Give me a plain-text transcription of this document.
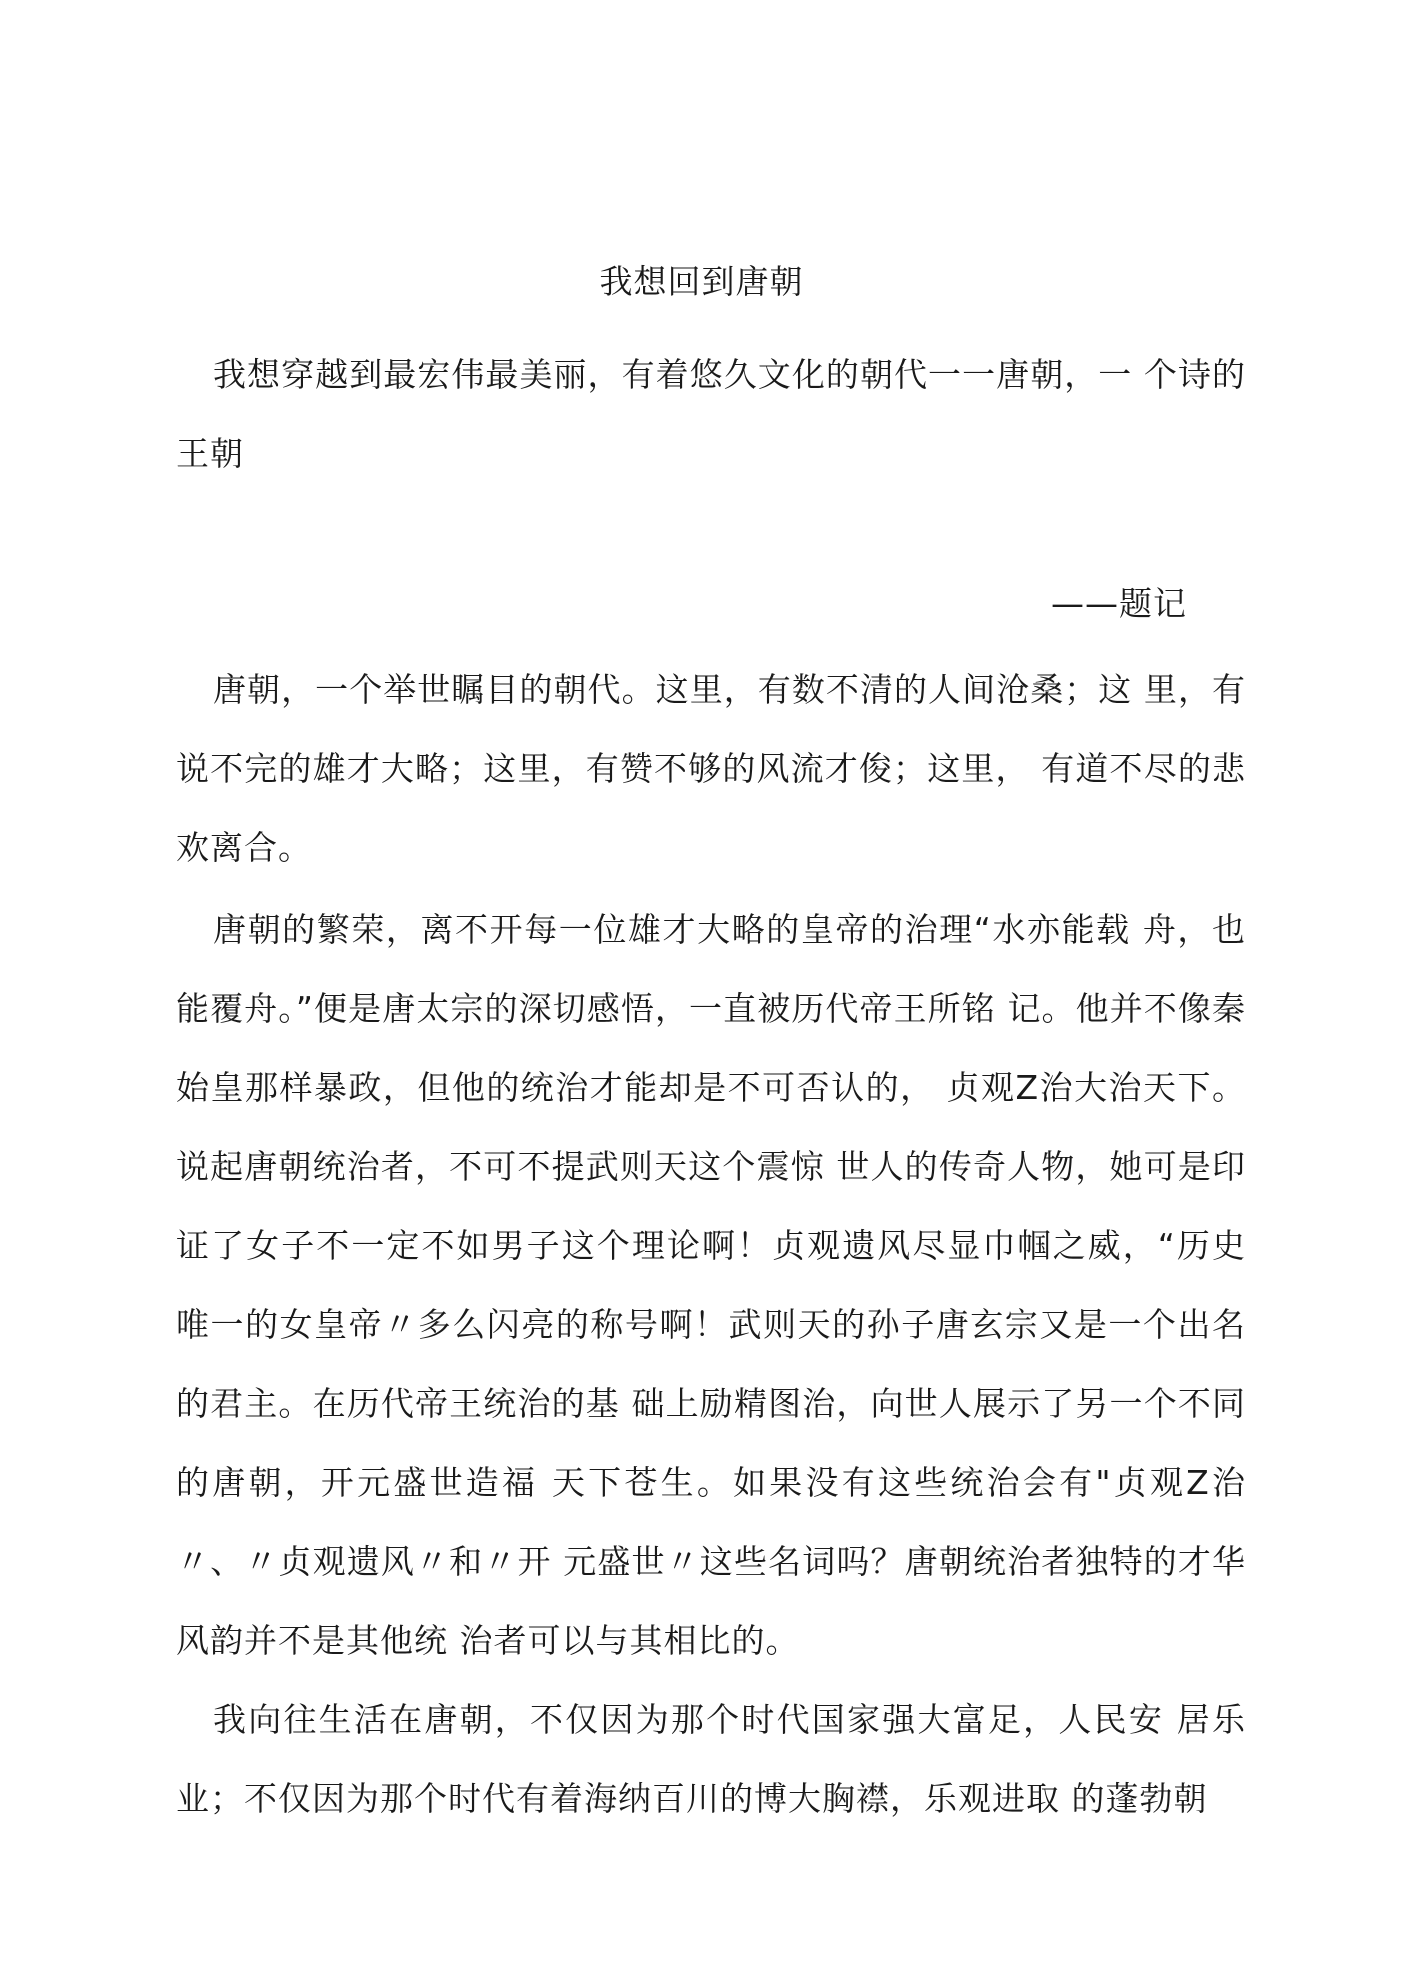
我想回到唐朝

我想穿越到最宏伟最美丽，有着悠久文化的朝代一一唐朝，一 个诗的王朝

——题记

唐朝，一个举世瞩目的朝代。这里，有数不清的人间沧桑；这 里，有说不完的雄才大略；这里，有赞不够的风流才俊；这里， 有道不尽的悲欢离合。

唐朝的繁荣，离不开每一位雄才大略的皇帝的治理“水亦能载 舟，也能覆舟。”便是唐太宗的深切感悟，一直被历代帝王所铭 记。他并不像秦始皇那样暴政，但他的统治才能却是不可否认的， 贞观Z治大治天下。说起唐朝统治者，不可不提武则天这个震惊 世人的传奇人物，她可是印证了女子不一定不如男子这个理论啊！贞观遗风尽显巾帼之威，“历史唯一的女皇帝〃多么闪亮的称号啊！武则天的孙子唐玄宗又是一个出名的君主。在历代帝王统治的基 础上励精图治，向世人展示了另一个不同的唐朝，开元盛世造福 天下苍生。如果没有这些统治会有"贞观Z治〃、〃贞观遗风〃和〃开 元盛世〃这些名词吗？唐朝统治者独特的才华风韵并不是其他统 治者可以与其相比的。

我向往生活在唐朝，不仅因为那个时代国家强大富足，人民安 居乐业；不仅因为那个时代有着海纳百川的博大胸襟，乐观进取 的蓬勃朝
